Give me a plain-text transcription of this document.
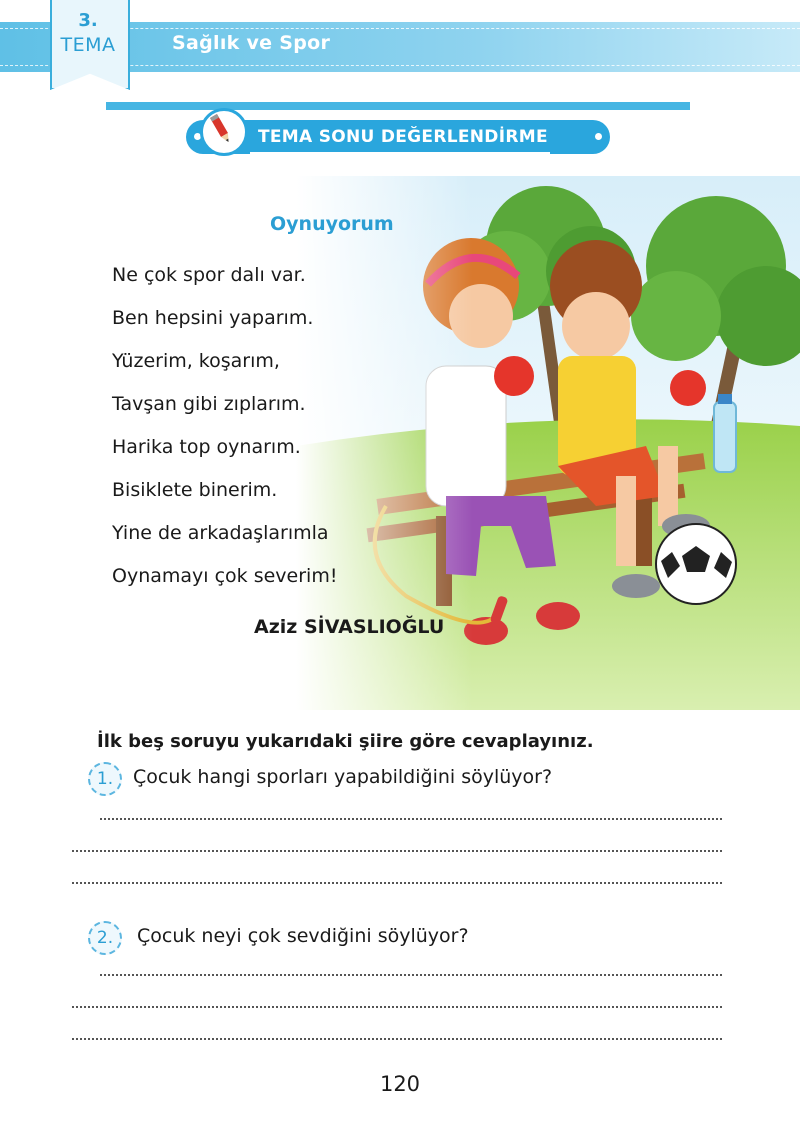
3.
TEMA	Sağlık ve Spor
TEMA SONU DEĞERLENDİRME
Oynuyorum
Ne çok spor dalı var.
Ben hepsini yaparım.
Yüzerim, koşarım,
Tavşan gibi zıplarım.
Harika top oynarım.
Bisiklete binerim.
Yine de arkadaşlarımla
Oynamayı çok severim!
Aziz SİVASLIOĞLU
İlk beş soruyu yukarıdaki şiire göre cevaplayınız.
1.	Çocuk hangi sporları yapabildiğini söylüyor?
2.	Çocuk neyi çok sevdiğini söylüyor?
120
